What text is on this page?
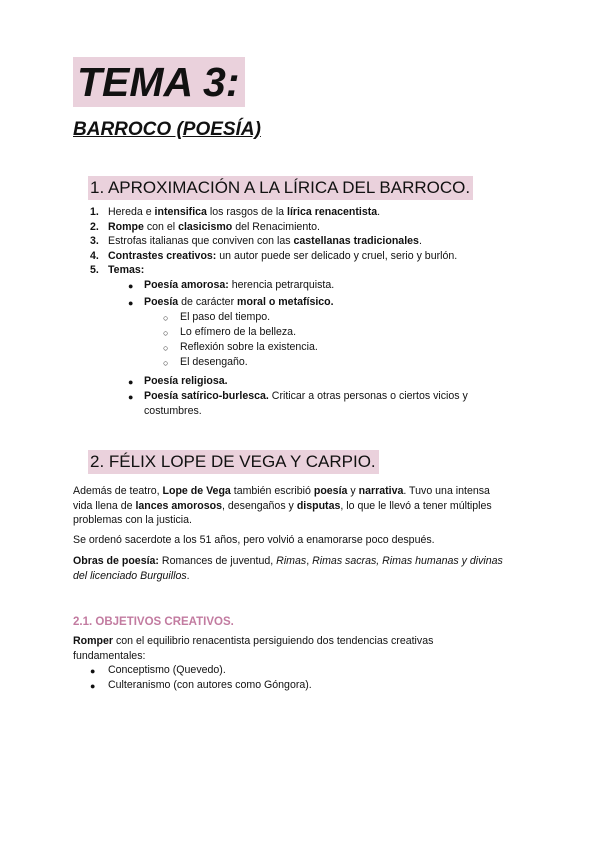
TEMA 3:
BARROCO (POESÍA)
1. APROXIMACIÓN A LA LÍRICA DEL BARROCO.
1. Hereda e intensifica los rasgos de la lírica renacentista.
2. Rompe con el clasicismo del Renacimiento.
3. Estrofas italianas que conviven con las castellanas tradicionales.
4. Contrastes creativos: un autor puede ser delicado y cruel, serio y burlón.
5. Temas:
● Poesía amorosa: herencia petrarquista.
● Poesía de carácter moral o metafísico.
○ El paso del tiempo.
○ Lo efímero de la belleza.
○ Reflexión sobre la existencia.
○ El desengaño.
● Poesía religiosa.
● Poesía satírico-burlesca. Criticar a otras personas o ciertos vicios y
costumbres.
2. FÉLIX LOPE DE VEGA Y CARPIO.
Además de teatro, Lope de Vega también escribió poesía y narrativa. Tuvo una intensa
vida llena de lances amorosos, desengaños y disputas, lo que le llevó a tener múltiples
problemas con la justicia.
Se ordenó sacerdote a los 51 años, pero volvió a enamorarse poco después.
Obras de poesía: Romances de juventud, Rimas, Rimas sacras, Rimas humanas y divinas
del licenciado Burguillos.
2.1. OBJETIVOS CREATIVOS.
Romper con el equilibrio renacentista persiguiendo dos tendencias creativas
fundamentales:
● Conceptismo (Quevedo).
● Culteranismo (con autores como Góngora).
